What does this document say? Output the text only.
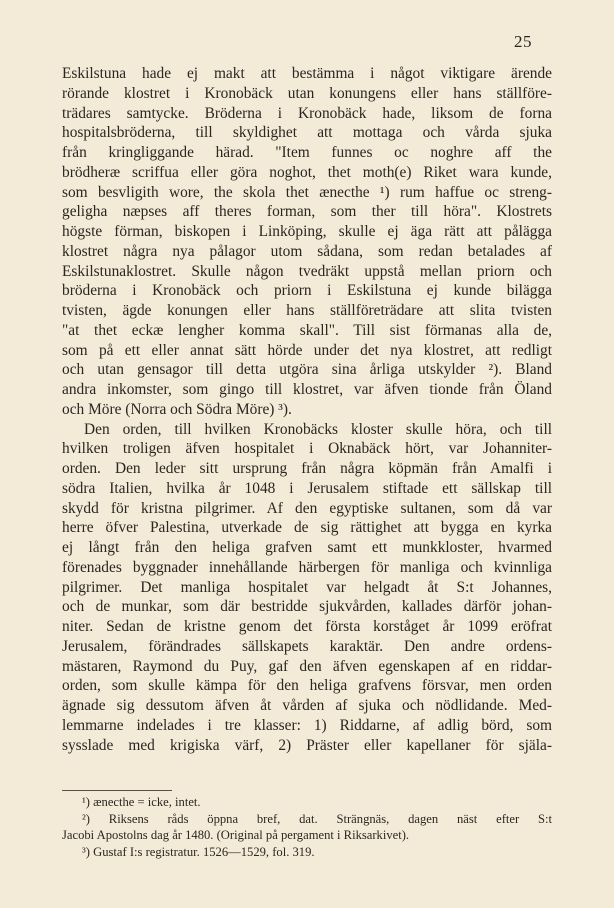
25
Eskilstuna hade ej makt att bestämma i något viktigare ärende
rörande klostret i Kronobäck utan konungens eller hans ställföre-
trädares samtycke. Bröderna i Kronobäck hade, liksom de forna
hospitalsbröderna, till skyldighet att mottaga och vårda sjuka
från kringliggande härad. "Item funnes oc noghre aff the
brödheræ scriffua eller göra noghot, thet moth(e) Riket wara kunde,
som besvligith wore, the skola thet ænecthe ¹) rum haffue oc streng-
geligha næpses aff theres forman, som ther till höra". Klostrets
högste förman, biskopen i Linköping, skulle ej äga rätt att pålägga
klostret några nya pålagor utom sådana, som redan betalades af
Eskilstunaklostret. Skulle någon tvedräkt uppstå mellan priorn och
bröderna i Kronobäck och priorn i Eskilstuna ej kunde bilägga
tvisten, ägde konungen eller hans ställföreträdare att slita tvisten
"at thet eckæ lengher komma skall". Till sist förmanas alla de,
som på ett eller annat sätt hörde under det nya klostret, att redligt
och utan gensagor till detta utgöra sina årliga utskylder ²). Bland
andra inkomster, som gingo till klostret, var äfven tionde från Öland
och Möre (Norra och Södra Möre) ³).
Den orden, till hvilken Kronobäcks kloster skulle höra, och till
hvilken troligen äfven hospitalet i Oknabäck hört, var Johanniter-
orden. Den leder sitt ursprung från några köpmän från Amalfi i
södra Italien, hvilka år 1048 i Jerusalem stiftade ett sällskap till
skydd för kristna pilgrimer. Af den egyptiske sultanen, som då var
herre öfver Palestina, utverkade de sig rättighet att bygga en kyrka
ej långt från den heliga grafven samt ett munkkloster, hvarmed
förenades byggnader innehållande härbergen för manliga och kvinnliga
pilgrimer. Det manliga hospitalet var helgadt åt S:t Johannes,
och de munkar, som där bestridde sjukvården, kallades därför johan-
niter. Sedan de kristne genom det första korståget år 1099 eröfrat
Jerusalem, förändrades sällskapets karaktär. Den andre ordens-
mästaren, Raymond du Puy, gaf den äfven egenskapen af en riddar-
orden, som skulle kämpa för den heliga grafvens försvar, men orden
ägnade sig dessutom äfven åt vården af sjuka och nödlidande. Med-
lemmarne indelades i tre klasser: 1) Riddarne, af adlig börd, som
sysslade med krigiska värf, 2) Präster eller kapellaner för själa-
¹) ænecthe = icke, intet.
²) Riksens råds öppna bref, dat. Strängnäs, dagen näst efter S:t
Jacobi Apostolns dag år 1480. (Original på pergament i Riksarkivet).
³) Gustaf I:s registratur. 1526—1529, fol. 319.
